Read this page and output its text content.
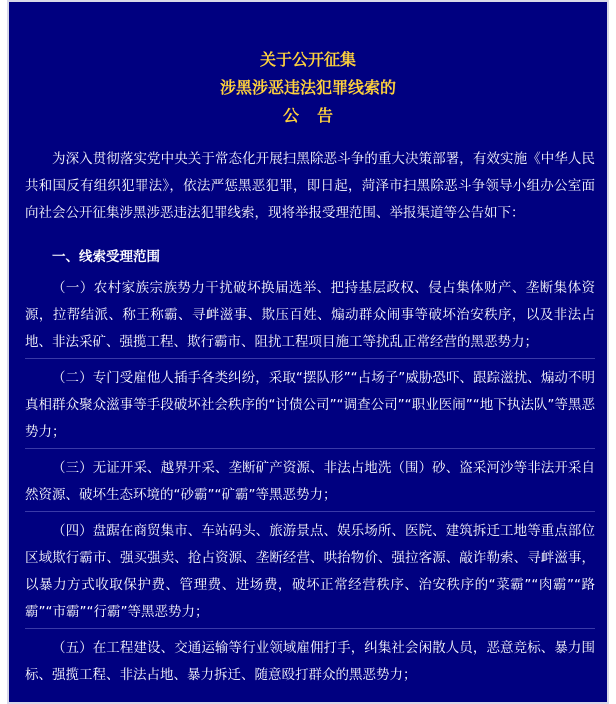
关于公开征集

涉黑涉恶违法犯罪线索的

公告

为深入贯彻落实党中央关于常态化开展扫黑除恶斗争的重大决策部署，有效实施《中华人民共和国反有组织犯罪法》，依法严惩黑恶犯罪，即日起，菏泽市扫黑除恶斗争领导小组办公室面向社会公开征集涉黑涉恶违法犯罪线索，现将举报受理范围、举报渠道等公告如下：

一、线索受理范围

（一）农村家族宗族势力干扰破坏换届选举、把持基层政权、侵占集体财产、垄断集体资源，拉帮结派、称王称霸、寻衅滋事、欺压百姓、煽动群众闹事等破坏治安秩序，以及非法占地、非法采矿、强揽工程、欺行霸市、阻扰工程项目施工等扰乱正常经营的黑恶势力；

（二）专门受雇他人插手各类纠纷，采取“摆队形”“占场子”威胁恐吓、跟踪滋扰、煽动不明真相群众聚众滋事等手段破坏社会秩序的“讨债公司”“调查公司”“职业医闹”“地下执法队”等黑恶势力；

（三）无证开采、越界开采、垄断矿产资源、非法占地洗（围）砂、盗采河沙等非法开采自然资源、破坏生态环境的“砂霸”“矿霸”等黑恶势力；

（四）盘踞在商贸集市、车站码头、旅游景点、娱乐场所、医院、建筑拆迁工地等重点部位区域欺行霸市、强买强卖、抢占资源、垄断经营、哄抬物价、强拉客源、敲诈勒索、寻衅滋事，以暴力方式收取保护费、管理费、进场费，破坏正常经营秩序、治安秩序的“菜霸”“肉霸”“路霸”“市霸”“行霸”等黑恶势力；

（五）在工程建设、交通运输等行业领域雇佣打手，纠集社会闲散人员，恶意竞标、暴力围标、强揽工程、非法占地、暴力拆迁、随意殴打群众的黑恶势力；
